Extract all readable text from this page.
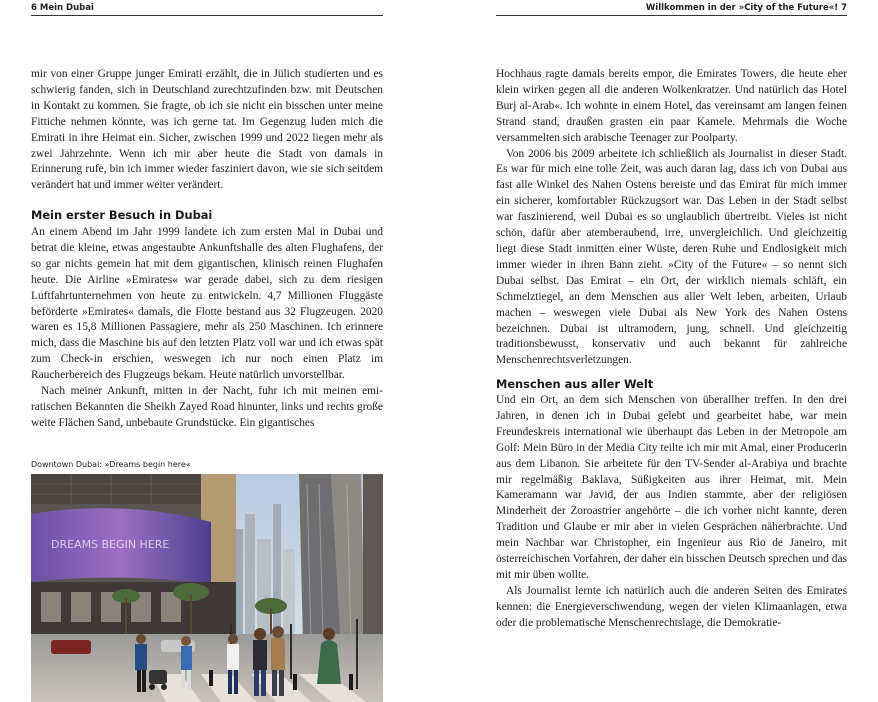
6 Mein Dubai

mir von einer Gruppe junger Emirati erzählt, die in Jülich studierten und es schwierig fanden, sich in Deutschland zurechtzufinden bzw. mit Deutschen in Kontakt zu kommen. Sie fragte, ob ich sie nicht ein bisschen unter meine Fittiche nehmen könnte, was ich gerne tat. Im Gegenzug luden mich die Emirati in ihre Heimat ein. Sicher, zwischen 1999 und 2022 liegen mehr als zwei Jahrzehnte. Wenn ich mir aber heute die Stadt von damals in Erinnerung rufe, bin ich immer wieder fasziniert davon, wie sie sich seitdem verändert hat und immer weiter verändert.

Mein erster Besuch in Dubai

An einem Abend im Jahr 1999 landete ich zum ersten Mal in Dubai und betrat die kleine, etwas angestaubte Ankunftshalle des alten Flughafens, der so gar nichts gemein hat mit dem gigantischen, klinisch reinen Flughafen heute. Die Airline »Emirates« war gerade dabei, sich zu dem riesigen Luftfahrtunternehmen von heute zu entwickeln. 4,7 Millionen Fluggäste beförderte »Emirates« damals, die Flotte bestand aus 32 Flugzeugen. 2020 waren es 15,8 Millionen Passagiere, mehr als 250 Maschinen. Ich erinnere mich, dass die Maschine bis auf den letzten Platz voll war und ich etwas spät zum Check-in erschien, weswegen ich nur noch einen Platz im Raucherbereich des Flugzeugs bekam. Heute natürlich unvorstellbar.

Nach meiner Ankunft, mitten in der Nacht, fuhr ich mit meinen emiratischen Bekannten die Sheikh Zayed Road hinunter, links und rechts große weite Flächen Sand, unbebaute Grundstücke. Ein gigantisches

Downtown Dubai: »Dreams begin here«
DREAMS BEGIN HERE
Willkommen in der »City of the Future«! 7

Hochhaus ragte damals bereits empor, die Emirates Towers, die heute eher klein wirken gegen all die anderen Wolkenkratzer. Und natürlich das Hotel Burj al-Arab«. Ich wohnte in einem Hotel, das vereinsamt am langen feinen Strand stand, draußen grasten ein paar Kamele. Mehrmals die Woche versammelten sich arabische Teenager zur Poolparty.

Von 2006 bis 2009 arbeitete ich schließlich als Journalist in dieser Stadt. Es war für mich eine tolle Zeit, was auch daran lag, dass ich von Dubai aus fast alle Winkel des Nahen Ostens bereiste und das Emirat für mich immer ein sicherer, komfortabler Rückzugsort war. Das Leben in der Stadt selbst war faszinierend, weil Dubai es so unglaublich übertreibt. Vieles ist nicht schön, dafür aber atemberaubend, irre, unvergleichlich. Und gleichzeitig liegt diese Stadt inmitten einer Wüste, deren Ruhe und Endlosigkeit mich immer wieder in ihren Bann zieht. »City of the Future« – so nennt sich Dubai selbst. Das Emirat – ein Ort, der wirklich niemals schläft, ein Schmelztiegel, an dem Menschen aus aller Welt leben, arbeiten, Urlaub machen – weswegen viele Dubai als New York des Nahen Ostens bezeichnen. Dubai ist ultramodern, jung, schnell. Und gleichzeitig traditionsbewusst, konservativ und auch bekannt für zahlreiche Menschenrechtsverletzungen.

Menschen aus aller Welt

Und ein Ort, an dem sich Menschen von überallher treffen. In den drei Jahren, in denen ich in Dubai gelebt und gearbeitet habe, war mein Freundeskreis international wie überhaupt das Leben in der Metropole am Golf: Mein Büro in der Media City teilte ich mir mit Amal, einer Producerin aus dem Libanon. Sie arbeitete für den TV-Sender al-Arabiya und brachte mir regelmäßig Baklava, Süßigkeiten aus ihrer Heimat, mit. Mein Kameramann war Javid, der aus Indien stammte, aber der religiösen Minderheit der Zoroastrier angehörte – die ich vorher nicht kannte, deren Tradition und Glaube er mir aber in vielen Gesprächen näherbrachte. Und mein Nachbar war Christopher, ein Ingenieur aus Rio de Janeiro, mit österreichischen Vorfahren, der daher ein bisschen Deutsch sprechen und das mit mir üben wollte.

Als Journalist lernte ich natürlich auch die anderen Seiten des Emirates kennen: die Energieverschwendung, wegen der vielen Klimaanlagen, etwa oder die problematische Menschenrechtslage, die Demokratie-
